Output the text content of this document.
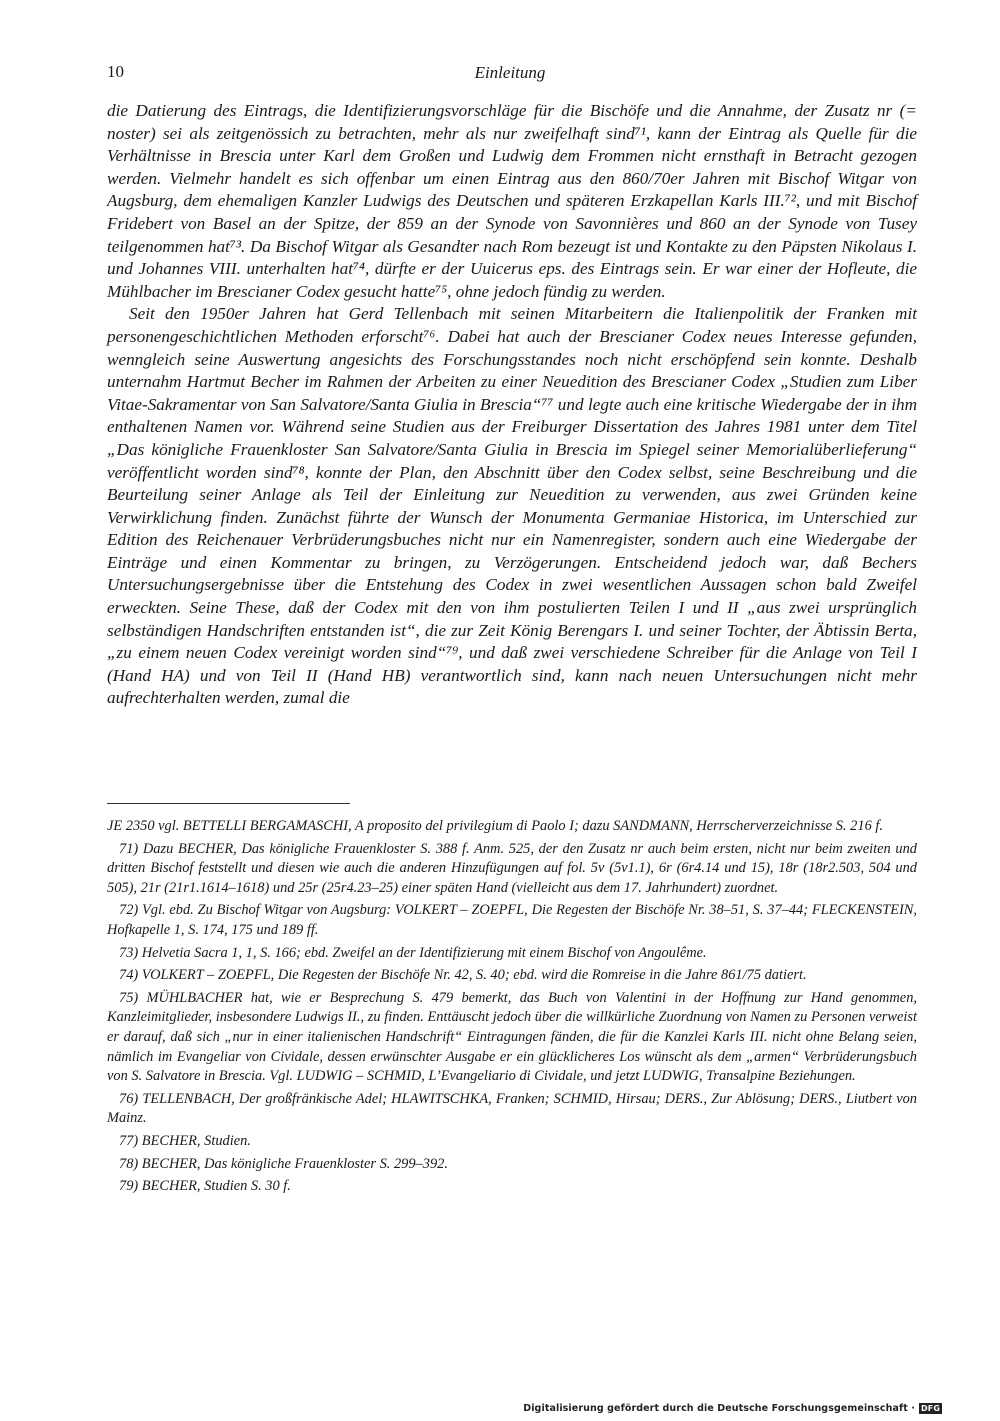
10	Einleitung

die Datierung des Eintrags, die Identifizierungsvorschläge für die Bischöfe und die Annahme, der Zusatz nr (= noster) sei als zeitgenössich zu betrachten, mehr als nur zweifelhaft sind⁷¹, kann der Eintrag als Quelle für die Verhältnisse in Brescia unter Karl dem Großen und Ludwig dem Frommen nicht ernsthaft in Betracht gezogen werden. Vielmehr handelt es sich offenbar um einen Eintrag aus den 860/70er Jahren mit Bischof Witgar von Augsburg, dem ehemaligen Kanzler Ludwigs des Deutschen und späteren Erzkapellan Karls III.⁷², und mit Bischof Fridebert von Basel an der Spitze, der 859 an der Synode von Savonnières und 860 an der Synode von Tusey teilgenommen hat⁷³. Da Bischof Witgar als Gesandter nach Rom bezeugt ist und Kontakte zu den Päpsten Nikolaus I. und Johannes VIII. unterhalten hat⁷⁴, dürfte er der Uuicerus eps. des Eintrags sein. Er war einer der Hofleute, die Mühlbacher im Brescianer Codex gesucht hatte⁷⁵, ohne jedoch fündig zu werden.

Seit den 1950er Jahren hat Gerd Tellenbach mit seinen Mitarbeitern die Italienpolitik der Franken mit personengeschichtlichen Methoden erforscht⁷⁶. Dabei hat auch der Brescianer Codex neues Interesse gefunden, wenngleich seine Auswertung angesichts des Forschungsstandes noch nicht erschöpfend sein konnte. Deshalb unternahm Hartmut Becher im Rahmen der Arbeiten zu einer Neuedition des Brescianer Codex „Studien zum Liber Vitae-Sakramentar von San Salvatore/Santa Giulia in Brescia“⁷⁷ und legte auch eine kritische Wiedergabe der in ihm enthaltenen Namen vor. Während seine Studien aus der Freiburger Dissertation des Jahres 1981 unter dem Titel „Das königliche Frauenkloster San Salvatore/Santa Giulia in Brescia im Spiegel seiner Memorialüberlieferung“ veröffentlicht worden sind⁷⁸, konnte der Plan, den Abschnitt über den Codex selbst, seine Beschreibung und die Beurteilung seiner Anlage als Teil der Einleitung zur Neuedition zu verwenden, aus zwei Gründen keine Verwirklichung finden. Zunächst führte der Wunsch der Monumenta Germaniae Historica, im Unterschied zur Edition des Reichenauer Verbrüderungsbuches nicht nur ein Namenregister, sondern auch eine Wiedergabe der Einträge und einen Kommentar zu bringen, zu Verzögerungen. Entscheidend jedoch war, daß Bechers Untersuchungsergebnisse über die Entstehung des Codex in zwei wesentlichen Aussagen schon bald Zweifel erweckten. Seine These, daß der Codex mit den von ihm postulierten Teilen I und II „aus zwei ursprünglich selbständigen Handschriften entstanden ist“, die zur Zeit König Berengars I. und seiner Tochter, der Äbtissin Berta, „zu einem neuen Codex vereinigt worden sind“⁷⁹, und daß zwei verschiedene Schreiber für die Anlage von Teil I (Hand HA) und von Teil II (Hand HB) verantwortlich sind, kann nach neuen Untersuchungen nicht mehr aufrechterhalten werden, zumal die

JE 2350 vgl. BETTELLI BERGAMASCHI, A proposito del privilegium di Paolo I; dazu SANDMANN, Herrscherverzeichnisse S. 216 f.

71) Dazu BECHER, Das königliche Frauenkloster S. 388 f. Anm. 525, der den Zusatz nr auch beim ersten, nicht nur beim zweiten und dritten Bischof feststellt und diesen wie auch die anderen Hinzufügungen auf fol. 5v (5v1.1), 6r (6r4.14 und 15), 18r (18r2.503, 504 und 505), 21r (21r1.1614–1618) und 25r (25r4.23–25) einer späten Hand (vielleicht aus dem 17. Jahrhundert) zuordnet.

72) Vgl. ebd. Zu Bischof Witgar von Augsburg: VOLKERT – ZOEPFL, Die Regesten der Bischöfe Nr. 38–51, S. 37–44; FLECKENSTEIN, Hofkapelle 1, S. 174, 175 und 189 ff.

73) Helvetia Sacra 1, 1, S. 166; ebd. Zweifel an der Identifizierung mit einem Bischof von Angoulême.

74) VOLKERT – ZOEPFL, Die Regesten der Bischöfe Nr. 42, S. 40; ebd. wird die Romreise in die Jahre 861/75 datiert.

75) MÜHLBACHER hat, wie er Besprechung S. 479 bemerkt, das Buch von Valentini in der Hoffnung zur Hand genommen, Kanzleimitglieder, insbesondere Ludwigs II., zu finden. Enttäuscht jedoch über die willkürliche Zuordnung von Namen zu Personen verweist er darauf, daß sich „nur in einer italienischen Handschrift“ Eintragungen fänden, die für die Kanzlei Karls III. nicht ohne Belang seien, nämlich im Evangeliar von Cividale, dessen erwünschter Ausgabe er ein glücklicheres Los wünscht als dem „armen“ Verbrüderungsbuch von S. Salvatore in Brescia. Vgl. LUDWIG – SCHMID, L’Evangeliario di Cividale, und jetzt LUDWIG, Transalpine Beziehungen.

76) TELLENBACH, Der großfränkische Adel; HLAWITSCHKA, Franken; SCHMID, Hirsau; DERS., Zur Ablösung; DERS., Liutbert von Mainz.

77) BECHER, Studien.

78) BECHER, Das königliche Frauenkloster S. 299–392.

79) BECHER, Studien S. 30 f.

Digitalisierung gefördert durch die Deutsche Forschungsgemeinschaft · DFG
